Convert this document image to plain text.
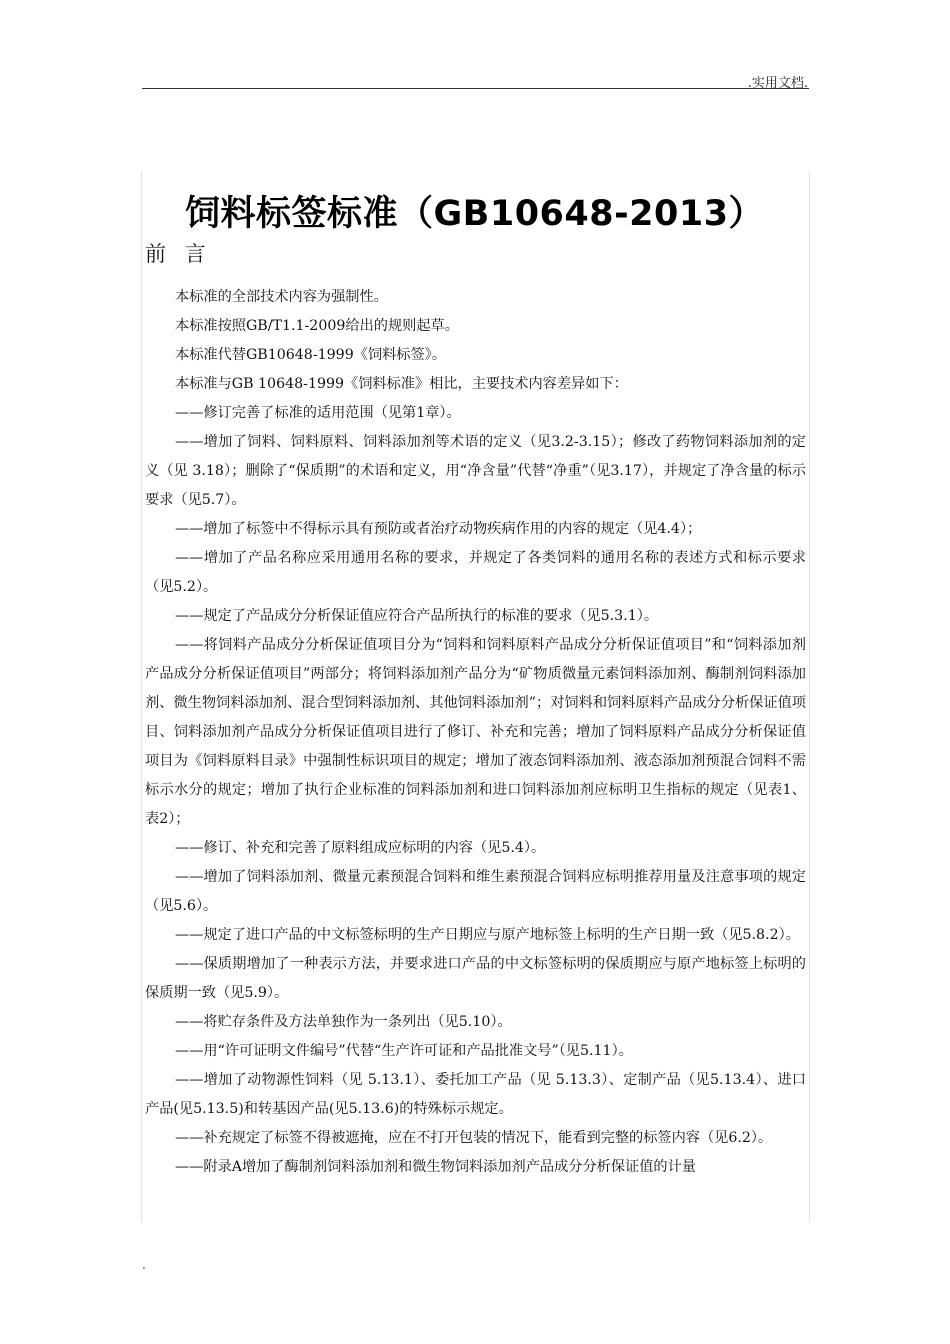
.实用文档.
饲料标签标准（GB10648-2013）
前 言

本标准的全部技术内容为强制性。

本标准按照GB/T1.1-2009给出的规则起草。

本标准代替GB10648-1999《饲料标签》。

本标准与GB 10648-1999《饲料标准》相比，主要技术内容差异如下：

——修订完善了标准的适用范围（见第1章）。

——增加了饲料、饲料原料、饲料添加剂等术语的定义（见3.2-3.15）；修改了药物饲料添加剂的定义（见 3.18）；删除了“保质期”的术语和定义，用“净含量”代替“净重”（见3.17），并规定了净含量的标示要求（见5.7）。

——增加了标签中不得标示具有预防或者治疗动物疾病作用的内容的规定（见4.4）；

——增加了产品名称应采用通用名称的要求，并规定了各类饲料的通用名称的表述方式和标示要求（见5.2）。

——规定了产品成分分析保证值应符合产品所执行的标准的要求（见5.3.1）。

——将饲料产品成分分析保证值项目分为“饲料和饲料原料产品成分分析保证值项目”和“饲料添加剂产品成分分析保证值项目”两部分；将饲料添加剂产品分为“矿物质微量元素饲料添加剂、酶制剂饲料添加剂、微生物饲料添加剂、混合型饲料添加剂、其他饲料添加剂”；对饲料和饲料原料产品成分分析保证值项目、饲料添加剂产品成分分析保证值项目进行了修订、补充和完善；增加了饲料原料产品成分分析保证值项目为《饲料原料目录》中强制性标识项目的规定；增加了液态饲料添加剂、液态添加剂预混合饲料不需标示水分的规定；增加了执行企业标准的饲料添加剂和进口饲料添加剂应标明卫生指标的规定（见表1、表2）；

——修订、补充和完善了原料组成应标明的内容（见5.4）。

——增加了饲料添加剂、微量元素预混合饲料和维生素预混合饲料应标明推荐用量及注意事项的规定（见5.6）。

——规定了进口产品的中文标签标明的生产日期应与原产地标签上标明的生产日期一致（见5.8.2）。

——保质期增加了一种表示方法，并要求进口产品的中文标签标明的保质期应与原产地标签上标明的保质期一致（见5.9）。

——将贮存条件及方法单独作为一条列出（见5.10）。

——用“许可证明文件编号”代替“生产许可证和产品批准文号”（见5.11）。

——增加了动物源性饲料（见 5.13.1）、委托加工产品（见 5.13.3）、定制产品（见5.13.4）、进口产品(见5.13.5)和转基因产品(见5.13.6)的特殊标示规定。

——补充规定了标签不得被遮掩，应在不打开包装的情况下，能看到完整的标签内容（见6.2）。

——附录A增加了酶制剂饲料添加剂和微生物饲料添加剂产品成分分析保证值的计量

.
